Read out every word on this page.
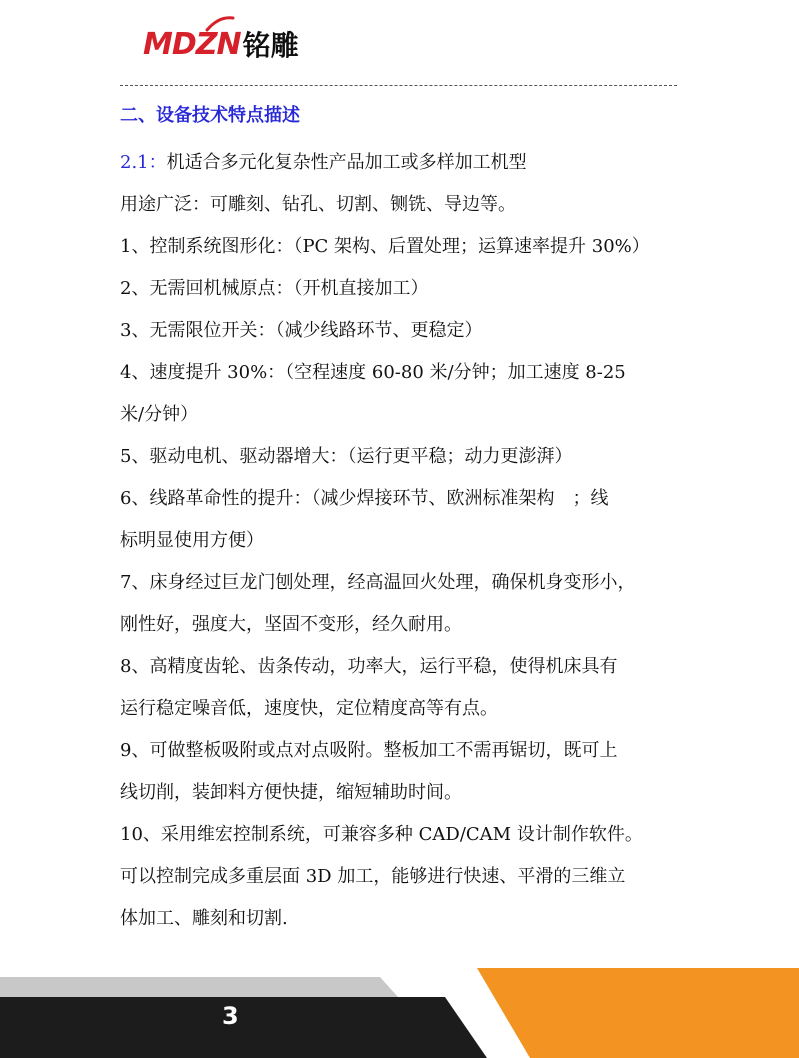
MDZN 铭雕
二、设备技术特点描述
2.1：机适合多元化复杂性产品加工或多样加工机型
用途广泛：可雕刻、钻孔、切割、铡铣、导边等。
1、控制系统图形化：（PC 架构、后置处理；运算速率提升 30%）
2、无需回机械原点：（开机直接加工）
3、无需限位开关：（减少线路环节、更稳定）
4、速度提升 30%：（空程速度 60-80 米/分钟；加工速度 8-25
米/分钟）
5、驱动电机、驱动器增大：（运行更平稳；动力更澎湃）
6、线路革命性的提升：（减少焊接环节、欧洲标准架构　；线
标明显使用方便）
7、床身经过巨龙门刨处理，经高温回火处理，确保机身变形小，
刚性好，强度大，坚固不变形，经久耐用。
8、高精度齿轮、齿条传动，功率大，运行平稳，使得机床具有
运行稳定噪音低，速度快，定位精度高等有点。
9、可做整板吸附或点对点吸附。整板加工不需再锯切，既可上
线切削，装卸料方便快捷，缩短辅助时间。
10、采用维宏控制系统，可兼容多种 CAD/CAM 设计制作软件。
可以控制完成多重层面 3D 加工，能够进行快速、平滑的三维立
体加工、雕刻和切割.
3
